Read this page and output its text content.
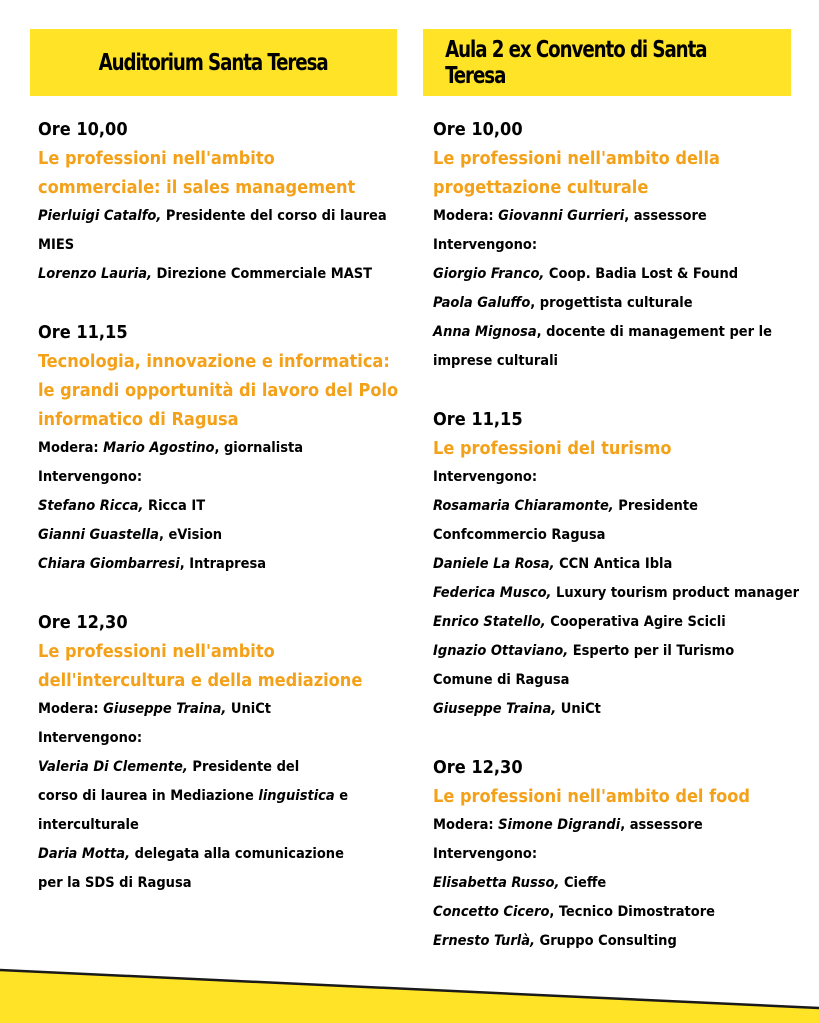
Auditorium Santa Teresa	Aula 2 ex Convento di Santa Teresa
Ore 10,00
Le professioni nell'ambito
commerciale: il sales management
Pierluigi Catalfo, Presidente del corso di laurea
MIES
Lorenzo Lauria, Direzione Commerciale MAST
Ore 11,15
Tecnologia, innovazione e informatica:
le grandi opportunità di lavoro del Polo
informatico di Ragusa
Modera: Mario Agostino, giornalista
Intervengono:
Stefano Ricca, Ricca IT
Gianni Guastella, eVision
Chiara Giombarresi, Intrapresa
Ore 12,30
Le professioni nell'ambito
dell'intercultura e della mediazione
Modera: Giuseppe Traina, UniCt
Intervengono:
Valeria Di Clemente, Presidente del
corso di laurea in Mediazione linguistica e
interculturale
Daria Motta, delegata alla comunicazione
per la SDS di Ragusa
Ore 10,00
Le professioni nell'ambito della
progettazione culturale
Modera: Giovanni Gurrieri, assessore
Intervengono:
Giorgio Franco, Coop. Badia Lost & Found
Paola Galuffo, progettista culturale
Anna Mignosa, docente di management per le
imprese culturali
Ore 11,15
Le professioni del turismo
Intervengono:
Rosamaria Chiaramonte, Presidente
Confcommercio Ragusa
Daniele La Rosa, CCN Antica Ibla
Federica Musco, Luxury tourism product manager
Enrico Statello, Cooperativa Agire Scicli
Ignazio Ottaviano, Esperto per il Turismo
Comune di Ragusa
Giuseppe Traina, UniCt
Ore 12,30
Le professioni nell'ambito del food
Modera: Simone Digrandi, assessore
Intervengono:
Elisabetta Russo, Cieffe
Concetto Cicero, Tecnico Dimostratore
Ernesto Turlà, Gruppo Consulting
